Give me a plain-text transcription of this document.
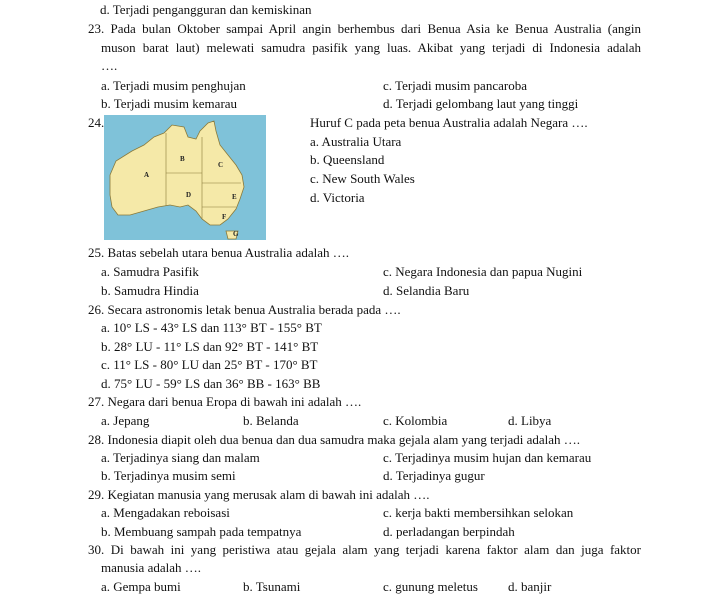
d. Terjadi pengangguran dan kemiskinan
23. Pada bulan Oktober sampai April angin berhembus dari Benua Asia ke Benua Australia (angin
muson barat laut) melewati samudra pasifik yang luas. Akibat yang terjadi di Indonesia adalah
….
a. Terjadi musim penghujan	c. Terjadi musim pancaroba
b. Terjadi musim kemarau	d. Terjadi gelombang laut yang tinggi
24.
A
B
C
D	E
F
G
Huruf C pada peta benua Australia adalah Negara ….
a. Australia Utara
b. Queensland
c. New South Wales
d. Victoria
25. Batas sebelah utara benua Australia adalah ….
a. Samudra Pasifik	c. Negara Indonesia dan papua Nugini
b. Samudra Hindia	d. Selandia Baru
26. Secara astronomis letak benua Australia berada pada ….
a. 10° LS - 43° LS dan 113° BT - 155° BT
b. 28° LU - 11° LS dan 92° BT - 141° BT
c. 11° LS - 80° LU dan 25° BT - 170° BT
d. 75° LU - 59° LS dan 36° BB - 163° BB
27. Negara dari benua Eropa di bawah ini adalah ….
a. Jepang	b. Belanda	c. Kolombia	d. Libya
28. Indonesia diapit oleh dua benua dan dua samudra maka gejala alam yang terjadi adalah ….
a. Terjadinya siang dan malam	c. Terjadinya musim hujan dan kemarau
b. Terjadinya musim semi	d. Terjadinya gugur
29. Kegiatan manusia yang merusak alam di bawah ini adalah ….
a. Mengadakan reboisasi	c. kerja bakti membersihkan selokan
b. Membuang sampah pada tempatnya	d. perladangan berpindah
30. Di bawah ini yang peristiwa atau gejala alam yang terjadi karena faktor alam dan juga faktor
manusia adalah ….
a. Gempa bumi	b. Tsunami	c. gunung meletus d. banjir
